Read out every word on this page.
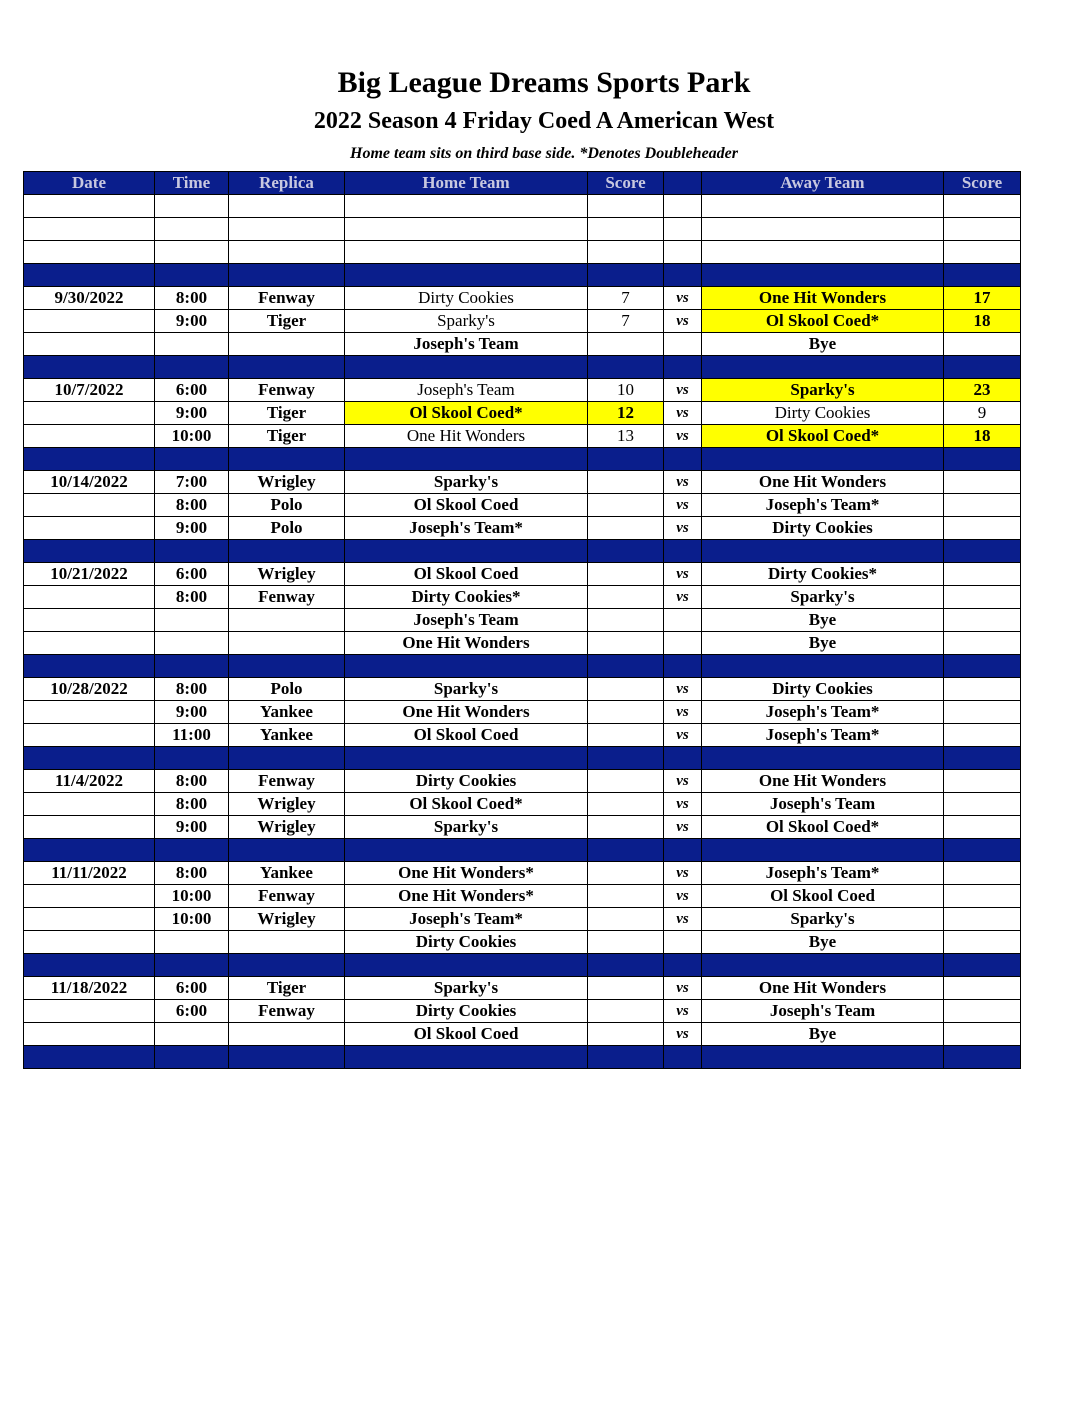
Big League Dreams Sports Park
2022 Season 4 Friday Coed A American West
Home team sits on third base side. *Denotes Doubleheader
Date	Time	Replica	Home Team	Score		Away Team	Score

9/30/2022	8:00	Fenway	Dirty Cookies	7	vs	One Hit Wonders	17
	9:00	Tiger	Sparky's	7	vs	Ol Skool Coed*	18
			Joseph's Team			Bye	

10/7/2022	6:00	Fenway	Joseph's Team	10	vs	Sparky's	23
	9:00	Tiger	Ol Skool Coed*	12	vs	Dirty Cookies	9
	10:00	Tiger	One Hit Wonders	13	vs	Ol Skool Coed*	18

10/14/2022	7:00	Wrigley	Sparky's		vs	One Hit Wonders	
	8:00	Polo	Ol Skool Coed		vs	Joseph's Team*	
	9:00	Polo	Joseph's Team*		vs	Dirty Cookies	

10/21/2022	6:00	Wrigley	Ol Skool Coed		vs	Dirty Cookies*	
	8:00	Fenway	Dirty Cookies*		vs	Sparky's	
			Joseph's Team			Bye	
			One Hit Wonders			Bye	

10/28/2022	8:00	Polo	Sparky's		vs	Dirty Cookies	
	9:00	Yankee	One Hit Wonders		vs	Joseph's Team*	
	11:00	Yankee	Ol Skool Coed		vs	Joseph's Team*	

11/4/2022	8:00	Fenway	Dirty Cookies		vs	One Hit Wonders	
	8:00	Wrigley	Ol Skool Coed*		vs	Joseph's Team	
	9:00	Wrigley	Sparky's		vs	Ol Skool Coed*	

11/11/2022	8:00	Yankee	One Hit Wonders*		vs	Joseph's Team*	
	10:00	Fenway	One Hit Wonders*		vs	Ol Skool Coed	
	10:00	Wrigley	Joseph's Team*		vs	Sparky's	
			Dirty Cookies			Bye	

11/18/2022	6:00	Tiger	Sparky's		vs	One Hit Wonders	
	6:00	Fenway	Dirty Cookies		vs	Joseph's Team	
			Ol Skool Coed		vs	Bye	
